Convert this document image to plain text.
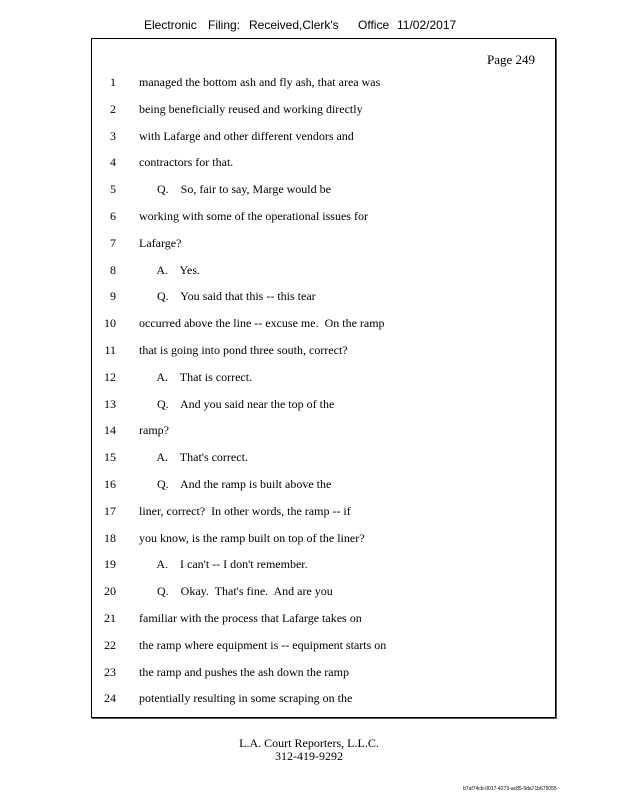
Electronic Filing: Received,Clerk's Office 11/02/2017
Page 249
1 managed the bottom ash and fly ash, that area was
2 being beneficially reused and working directly
3 with Lafarge and other different vendors and
4 contractors for that.
5 Q.    So, fair to say, Marge would be
6 working with some of the operational issues for
7 Lafarge?
8 A.    Yes.
9 Q.    You said that this -- this tear
10 occurred above the line -- excuse me.  On the ramp
11 that is going into pond three south, correct?
12 A.    That is correct.
13 Q.    And you said near the top of the
14 ramp?
15 A.    That's correct.
16 Q.    And the ramp is built above the
17 liner, correct?  In other words, the ramp -- if
18 you know, is the ramp built on top of the liner?
19 A.    I can't -- I don't remember.
20 Q.    Okay.  That's fine.  And are you
21 familiar with the process that Lafarge takes on
22 the ramp where equipment is -- equipment starts on
23 the ramp and pushes the ash down the ramp
24 potentially resulting in some scraping on the
L.A. Court Reporters, L.L.C.
312-419-9292
b7af74cb-0017-4273-ac85-9da71b675055
